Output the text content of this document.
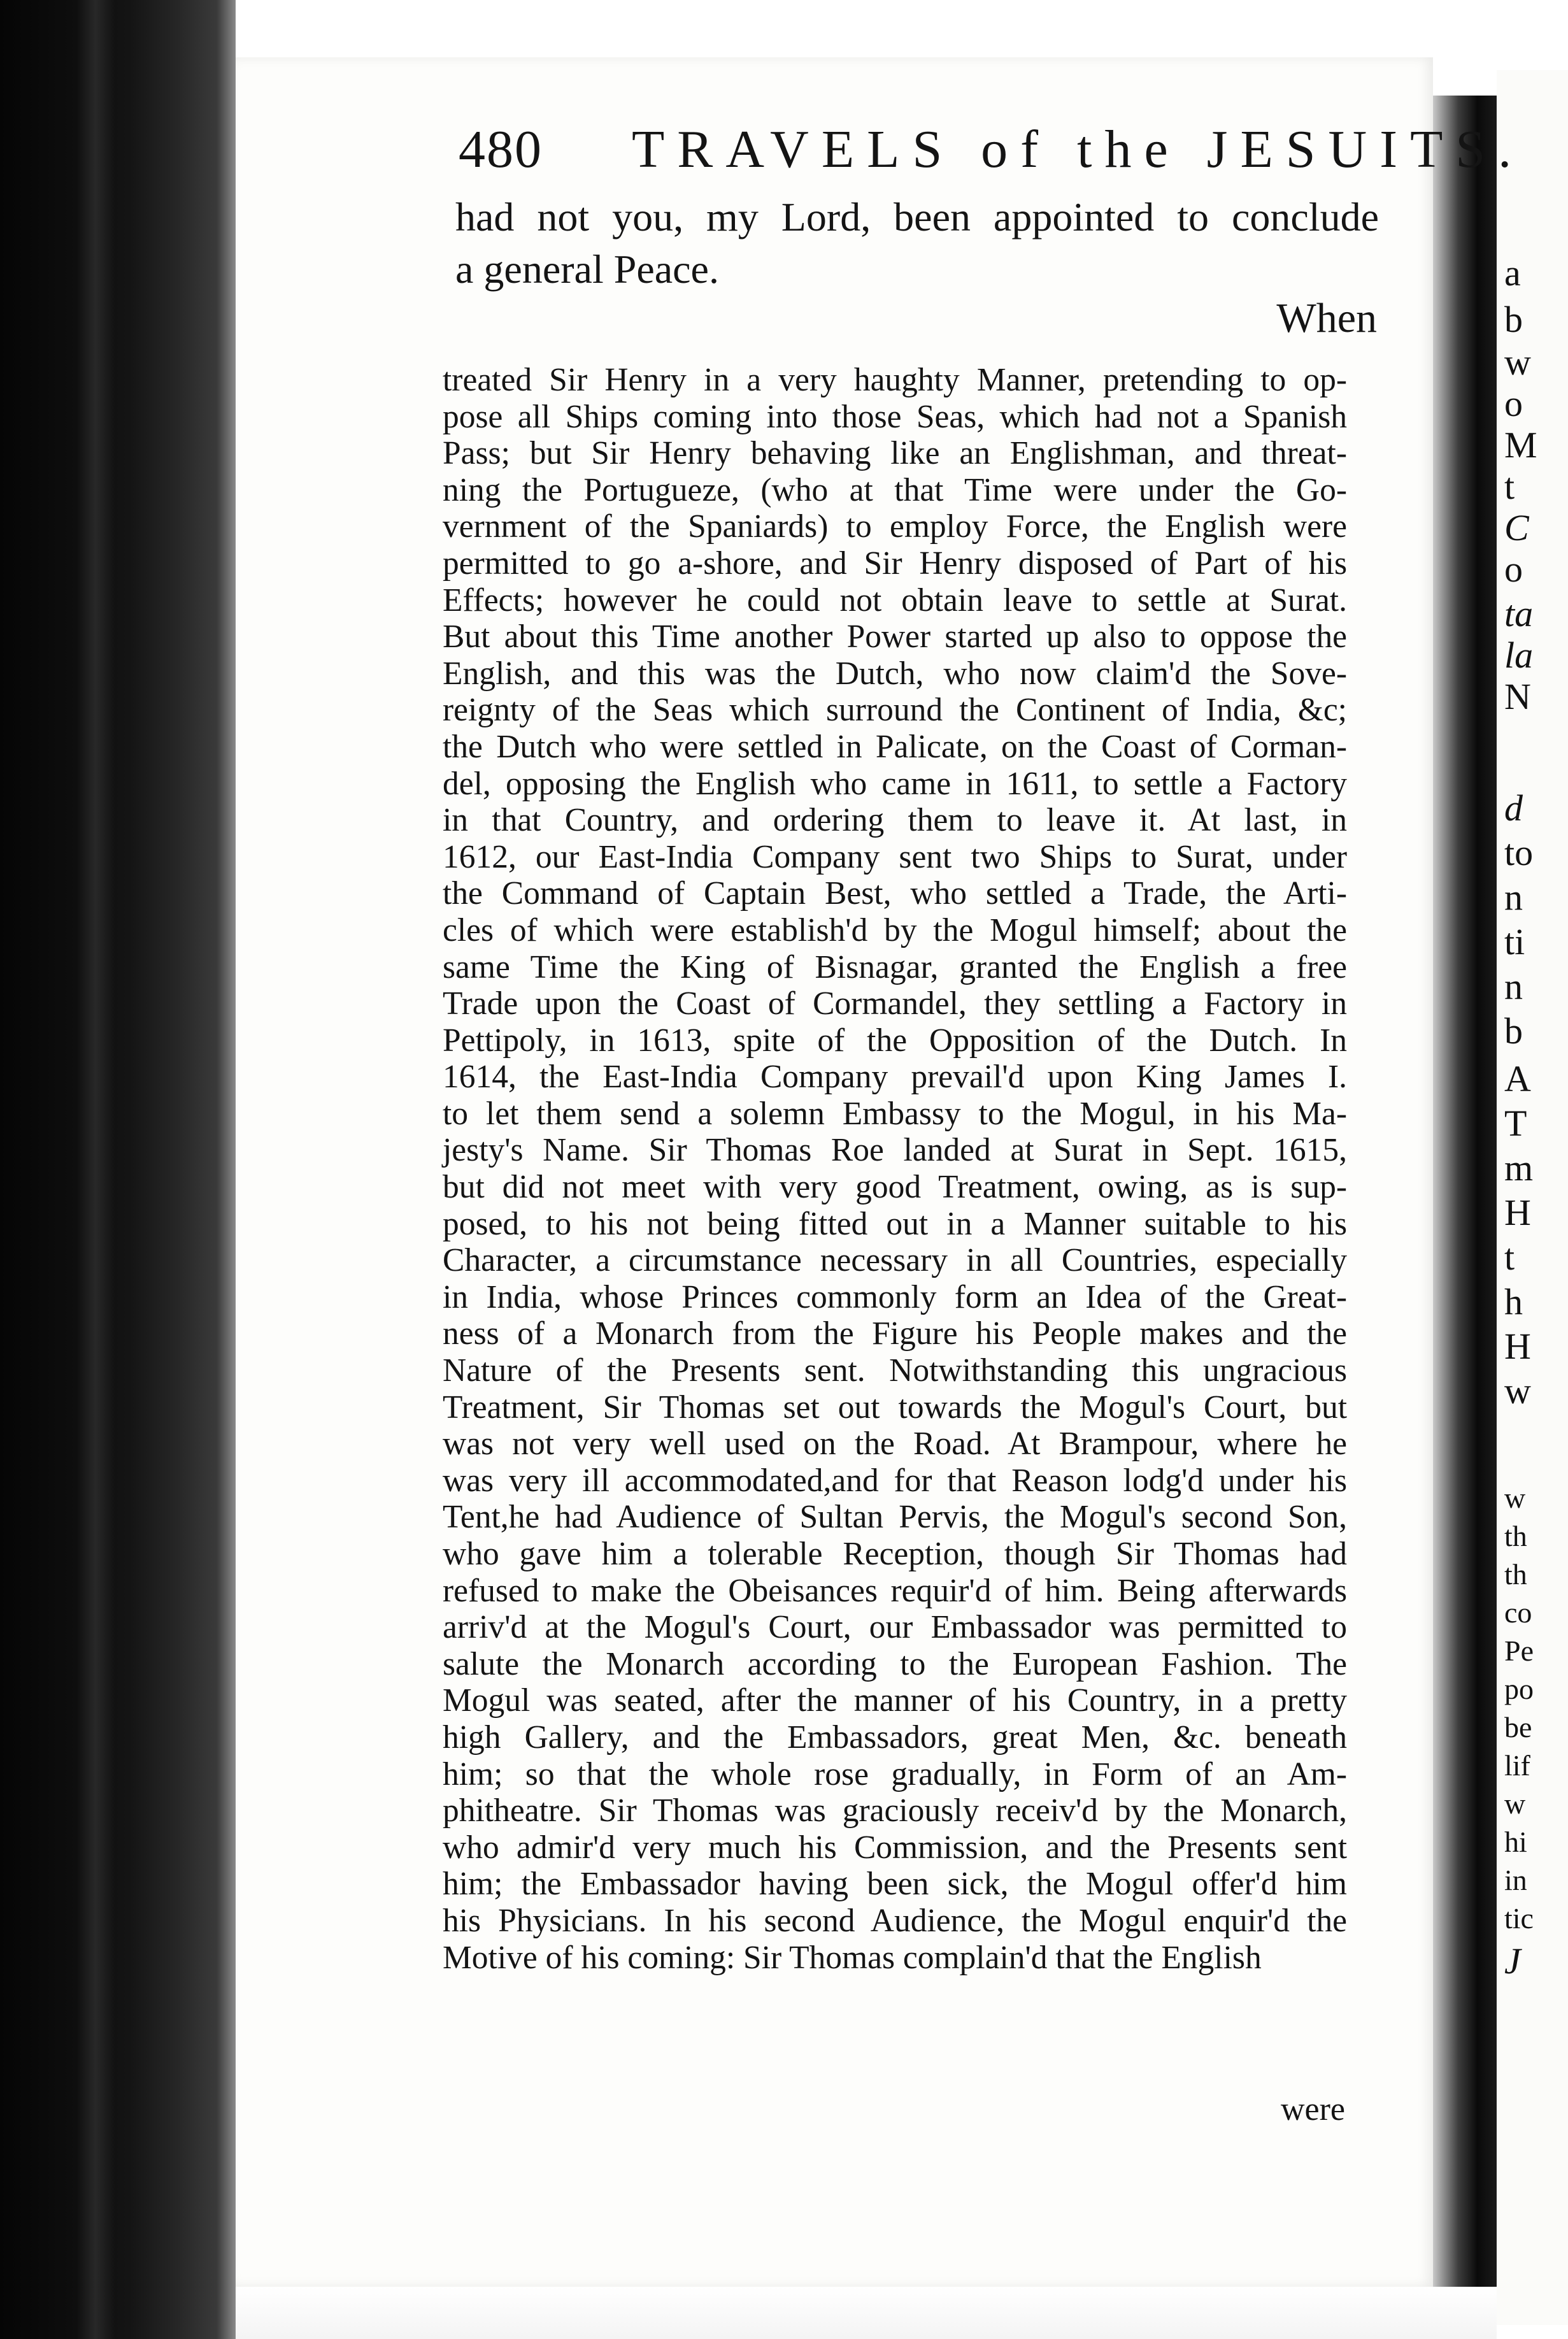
480 TRAVELS of the JESUITS.
had not you, my Lord, been appointed to conclude
a general Peace.
When
treated Sir Henry in a very haughty Manner, pretending to op-
pose all Ships coming into those Seas, which had not a Spanish
Pass; but Sir Henry behaving like an Englishman, and threat-
ning the Portugueze, (who at that Time were under the Go-
vernment of the Spaniards) to employ Force, the English were
permitted to go a-shore, and Sir Henry disposed of Part of his
Effects; however he could not obtain leave to settle at Surat.
But about this Time another Power started up also to oppose the
English, and this was the Dutch, who now claim'd the Sove-
reignty of the Seas which surround the Continent of India, &c;
the Dutch who were settled in Palicate, on the Coast of Corman-
del, opposing the English who came in 1611, to settle a Factory
in that Country, and ordering them to leave it. At last, in
1612, our East-India Company sent two Ships to Surat, under
the Command of Captain Best, who settled a Trade, the Arti-
cles of which were establish'd by the Mogul himself; about the
same Time the King of Bisnagar, granted the English a free
Trade upon the Coast of Cormandel, they settling a Factory in
Pettipoly, in 1613, spite of the Opposition of the Dutch. In
1614, the East-India Company prevail'd upon King James I.
to let them send a solemn Embassy to the Mogul, in his Ma-
jesty's Name. Sir Thomas Roe landed at Surat in Sept. 1615,
but did not meet with very good Treatment, owing, as is sup-
posed, to his not being fitted out in a Manner suitable to his
Character, a circumstance necessary in all Countries, especially
in India, whose Princes commonly form an Idea of the Great-
ness of a Monarch from the Figure his People makes and the
Nature of the Presents sent. Notwithstanding this ungracious
Treatment, Sir Thomas set out towards the Mogul's Court, but
was not very well used on the Road. At Brampour, where he
was very ill accommodated,and for that Reason lodg'd under his
Tent,he had Audience of Sultan Pervis, the Mogul's second Son,
who gave him a tolerable Reception, though Sir Thomas had
refused to make the Obeisances requir'd of him. Being afterwards
arriv'd at the Mogul's Court, our Embassador was permitted to
salute the Monarch according to the European Fashion. The
Mogul was seated, after the manner of his Country, in a pretty
high Gallery, and the Embassadors, great Men, &c. beneath
him; so that the whole rose gradually, in Form of an Am-
phitheatre. Sir Thomas was graciously receiv'd by the Monarch,
who admir'd very much his Commission, and the Presents sent
him; the Embassador having been sick, the Mogul offer'd him
his Physicians. In his second Audience, the Mogul enquir'd the
Motive of his coming: Sir Thomas complain'd that the English
were
a
b
w
o
M
t
C
o
ta
la
N
d
to
n
ti
n
b
A
T
m
H
t
h
H
w
w
th
th
co
Pe
po
be
lif
w
hi
in
tic
J
